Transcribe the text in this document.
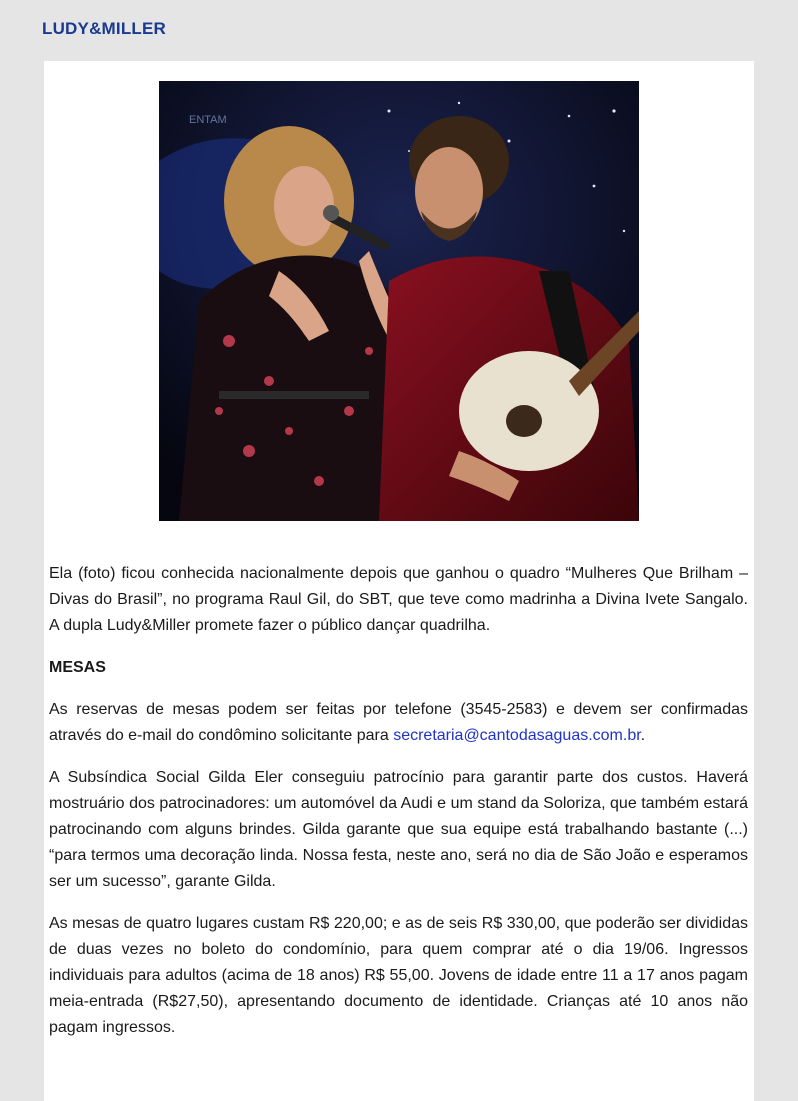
LUDY&MILLER
ENTAM

Ela (foto) ficou conhecida nacionalmente depois que ganhou o quadro “Mulheres Que Brilham – Divas do Brasil”, no programa Raul Gil, do SBT, que teve como madrinha a Divina Ivete Sangalo. A dupla Ludy&Miller promete fazer o público dançar quadrilha.

MESAS

As reservas de mesas podem ser feitas por telefone (3545-2583) e devem ser confirmadas através do e-mail do condômino solicitante para secretaria@cantodasaguas.com.br.

A Subsíndica Social Gilda Eler conseguiu patrocínio para garantir parte dos custos. Haverá mostruário dos patrocinadores: um automóvel da Audi e um stand da Soloriza, que também estará patrocinando com alguns brindes. Gilda garante que sua equipe está trabalhando bastante (...) “para termos uma decoração linda. Nossa festa, neste ano, será no dia de São João e esperamos ser um sucesso”, garante Gilda.

As mesas de quatro lugares custam R$ 220,00; e as de seis R$ 330,00, que poderão ser divididas de duas vezes no boleto do condomínio, para quem comprar até o dia 19/06. Ingressos individuais para adultos (acima de 18 anos) R$ 55,00. Jovens de idade entre 11 a 17 anos pagam meia-entrada (R$27,50), apresentando documento de identidade. Crianças até 10 anos não pagam ingressos.
